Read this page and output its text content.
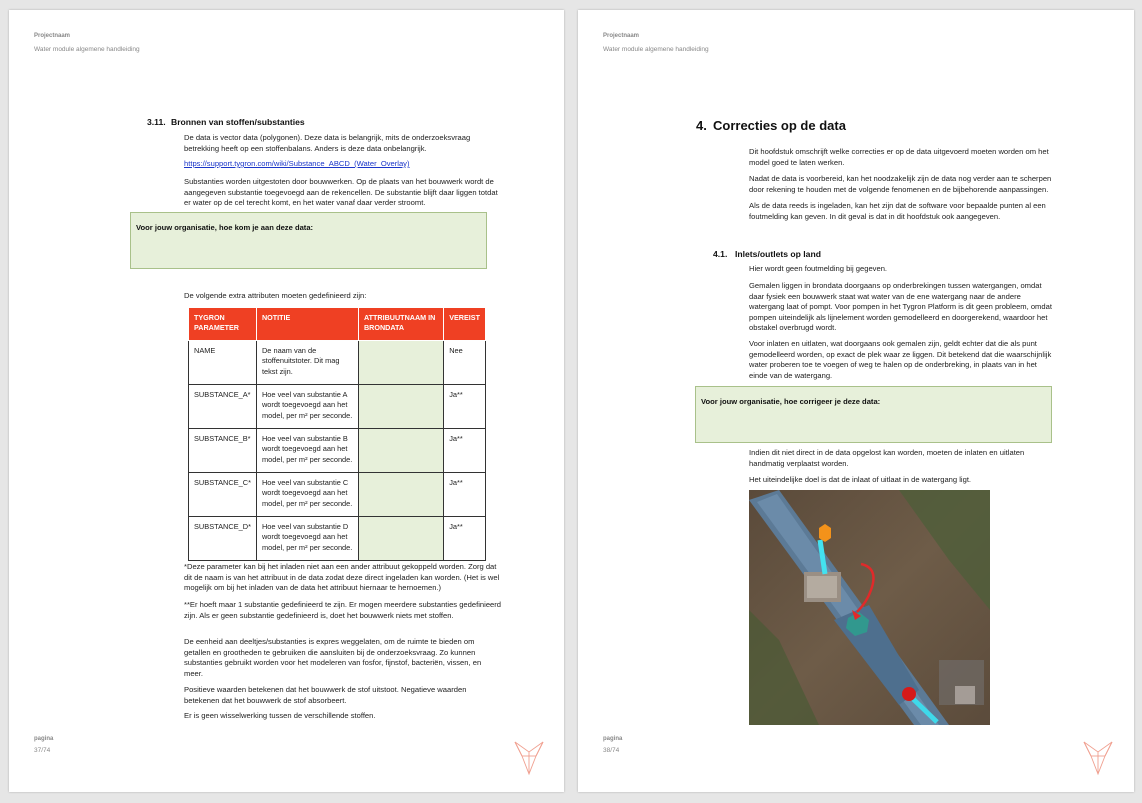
Projectnaam
Water module algemene handleiding
3.11. Bronnen van stoffen/substanties
De data is vector data (polygonen). Deze data is belangrijk, mits de onderzoeksvraag betrekking heeft op een stoffenbalans. Anders is deze data onbelangrijk.
https://support.tygron.com/wiki/Substance_ABCD_(Water_Overlay)
Substanties worden uitgestoten door bouwwerken. Op de plaats van het bouwwerk wordt de aangegeven substantie toegevoegd aan de rekencellen. De substantie blijft daar liggen totdat er water op de cel terecht komt, en het water vanaf daar verder stroomt.
Voor jouw organisatie, hoe kom je aan deze data:
De volgende extra attributen moeten gedefinieerd zijn:
TYGRON PARAMETER	NOTITIE	ATTRIBUUTNAAM IN BRONDATA	VEREIST
NAME	De naam van de stoffenuitstoter. Dit mag tekst zijn.		Nee
SUBSTANCE_A*	Hoe veel van substantie A wordt toegevoegd aan het model, per m² per seconde.		Ja**
SUBSTANCE_B*	Hoe veel van substantie B wordt toegevoegd aan het model, per m² per seconde.		Ja**
SUBSTANCE_C*	Hoe veel van substantie C wordt toegevoegd aan het model, per m² per seconde.		Ja**
SUBSTANCE_D*	Hoe veel van substantie D wordt toegevoegd aan het model, per m² per seconde.		Ja**
*Deze parameter kan bij het inladen niet aan een ander attribuut gekoppeld worden. Zorg dat dit de naam is van het attribuut in de data zodat deze direct ingeladen kan worden. (Het is wel mogelijk om bij het inladen van de data het attribuut hiernaar te hernoemen.)
**Er hoeft maar 1 substantie gedefinieerd te zijn. Er mogen meerdere substanties gedefinieerd zijn. Als er geen substantie gedefinieerd is, doet het bouwwerk niets met stoffen.
De eenheid aan deeltjes/substanties is expres weggelaten, om de ruimte te bieden om getallen en grootheden te gebruiken die aansluiten bij de onderzoeksvraag. Zo kunnen substanties gebruikt worden voor het modeleren van fosfor, fijnstof, bacteriën, vissen, en meer.
Positieve waarden betekenen dat het bouwwerk de stof uitstoot. Negatieve waarden betekenen dat het bouwwerk de stof absorbeert.
Er is geen wisselwerking tussen de verschillende stoffen.
pagina
37/74
Projectnaam
Water module algemene handleiding
4. Correcties op de data
Dit hoofdstuk omschrijft welke correcties er op de data uitgevoerd moeten worden om het model goed te laten werken.
Nadat de data is voorbereid, kan het noodzakelijk zijn de data nog verder aan te scherpen door rekening te houden met de volgende fenomenen en de bijbehorende aanpassingen.
Als de data reeds is ingeladen, kan het zijn dat de software voor bepaalde punten al een foutmelding kan geven. In dit geval is dat in dit hoofdstuk ook aangegeven.
4.1. Inlets/outlets op land
Hier wordt geen foutmelding bij gegeven.
Gemalen liggen in brondata doorgaans op onderbrekingen tussen watergangen, omdat daar fysiek een bouwwerk staat wat water van de ene watergang naar de andere watergang laat of pompt. Voor pompen in het Tygron Platform is dit geen probleem, omdat pompen uiteindelijk als lijnelement worden gemodelleerd en doorgerekend, waardoor het obstakel overbrugd wordt.
Voor inlaten en uitlaten, wat doorgaans ook gemalen zijn, geldt echter dat die als punt gemodelleerd worden, op exact de plek waar ze liggen. Dit betekend dat die waarschijnlijk water proberen toe te voegen of weg te halen op de onderbreking, in plaats van in het einde van de watergang.
Voor jouw organisatie, hoe corrigeer je deze data:
Indien dit niet direct in de data opgelost kan worden, moeten de inlaten en uitlaten handmatig verplaatst worden.
Het uiteindelijke doel is dat de inlaat of uitlaat in de watergang ligt.
pagina
38/74
